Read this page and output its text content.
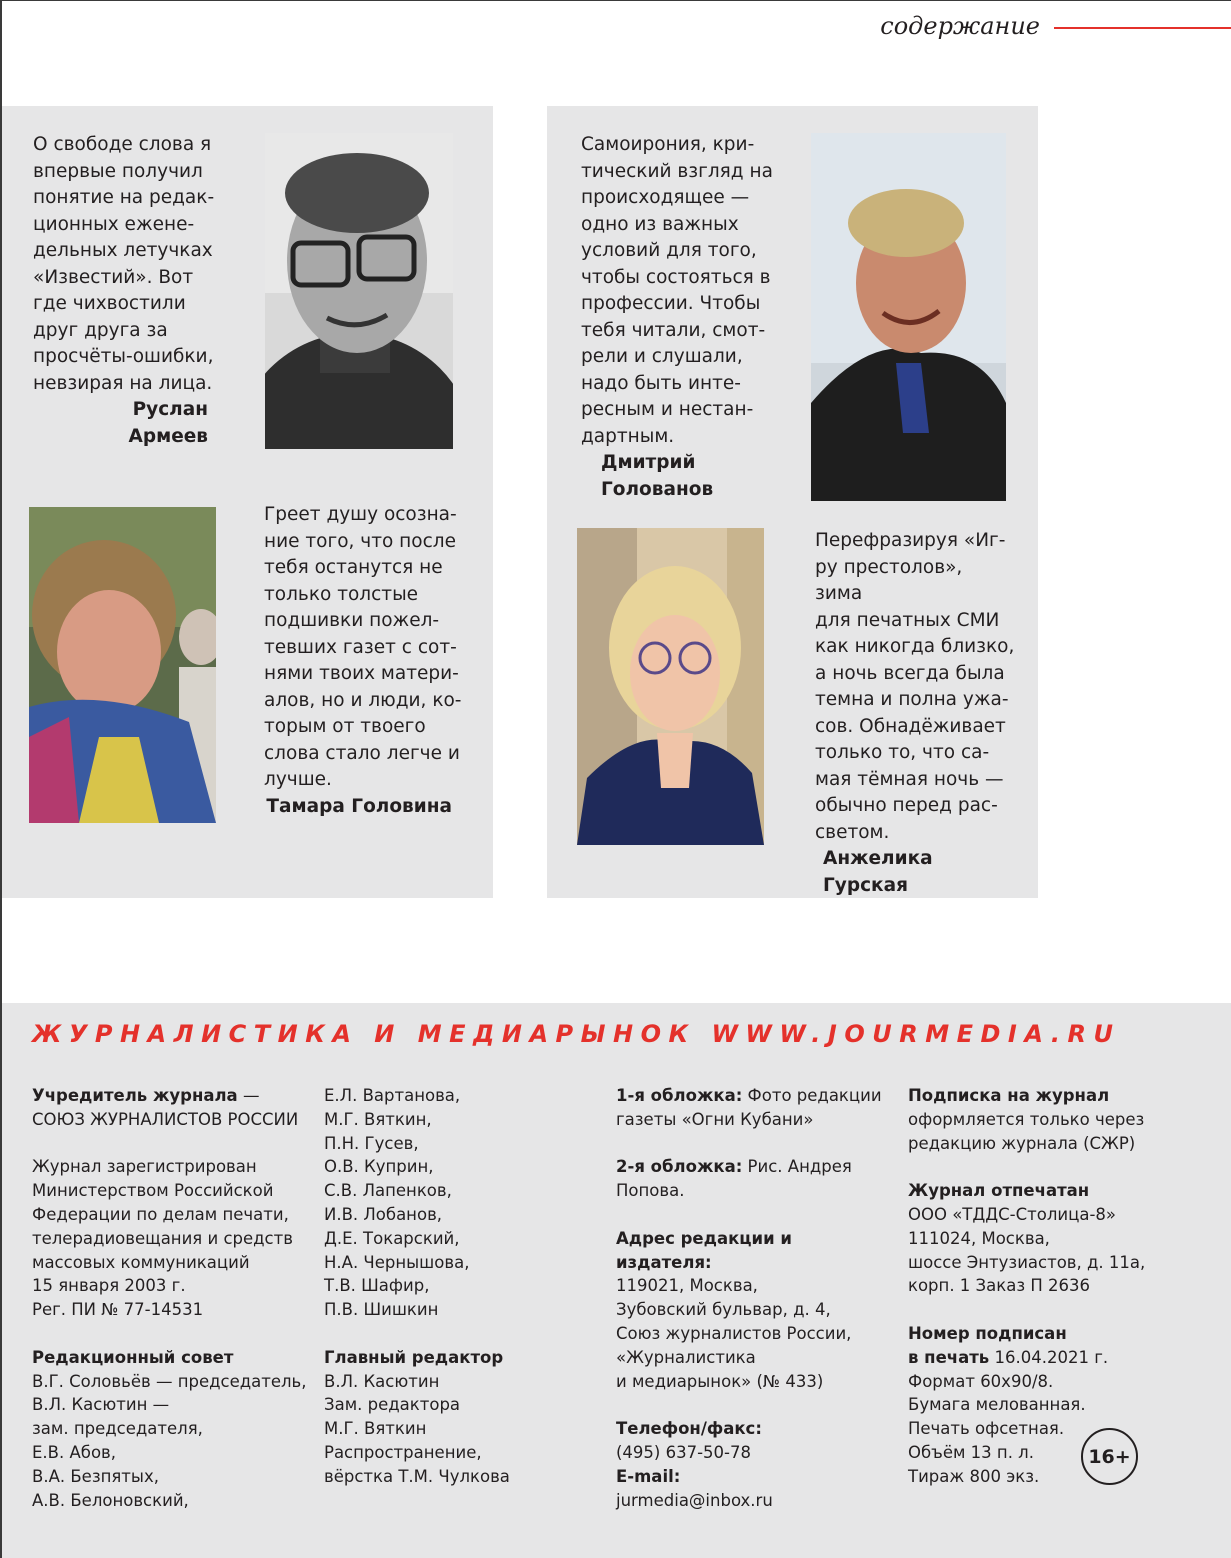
содержание
О свободе слова я
впервые получил
понятие на редак-
ционных еженe-
дельных летучках
«Известий». Вот
где чихвостили
друг друга за
просчёты-ошибки,
невзирая на лица.
Руслан
Армеев
Греет душу осозна-
ние того, что после
тебя останутся не
только толстые
подшивки пожел-
тевших газет с сот-
нями твоих матери-
алов, но и люди, ко-
торым от твоего
слова стало легче и
лучше.
Тамара Головина
Самоирония, кри-
тический взгляд на
происходящее —
одно из важных
условий для того,
чтобы состояться в
профессии. Чтобы
тебя читали, смот-
рели и слушали,
надо быть инте-
ресным и нестан-
дартным.
Дмитрий
Голованов
Перефразируя «Иг-
ру престолов», зима
для печатных СМИ
как никогда близко,
а ночь всегда была
темна и полна ужа-
сов. Обнадёживает
только то, что са-
мая тёмная ночь —
обычно перед рас-
светом.
Анжелика Гурская
ЖУРНАЛИСТИКА И МЕДИАРЫНОК WWW.JOURMEDIA.RU

Учредитель журнала —
СОЮЗ ЖУРНАЛИСТОВ РОССИИ

Журнал зарегистрирован
Министерством Российской
Федерации по делам печати,
телерадиовещания и средств
массовых коммуникаций
15 января 2003 г.
Рег. ПИ № 77-14531

Редакционный совет

В.Г. Соловьёв — председатель,
В.Л. Касютин —
зам. председателя,
Е.В. Абов,
В.А. Безпятых,
А.В. Белоновский,

Е.Л. Вартанова,
М.Г. Вяткин,
П.Н. Гусев,
О.В. Куприн,
С.В. Лапенков,
И.В. Лобанов,
Д.Е. Токарский,
Н.А. Чернышова,
Т.В. Шафир,
П.В. Шишкин

Главный редактор

В.Л. Касютин
Зам. редактора
М.Г. Вяткин
Распространение,
вёрстка Т.М. Чулкова

1-я обложка: Фото редакции
газеты «Огни Кубани»

2-я обложка: Рис. Андрея
Попова.

Адрес редакции и издателя:

119021, Москва,
Зубовский бульвар, д. 4,
Союз журналистов России,
«Журналистика
и медиарынок» (№ 433)

Телефон/факс:

(495) 637-50-78

E-mail:

jurmedia@inbox.ru

Подписка на журнал

оформляется только через
редакцию журнала (СЖР)

Журнал отпечатан

ООО «ТДДС-Столица-8»
111024, Москва,
шоссе Энтузиастов, д. 11а,
корп. 1 Заказ П 2636

Номер подписан
в печать 16.04.2021 г.
Формат 60х90/8.
Бумага мелованная.
Печать офсетная.
Объём 13 п. л.
Тираж 800 экз.

16+
